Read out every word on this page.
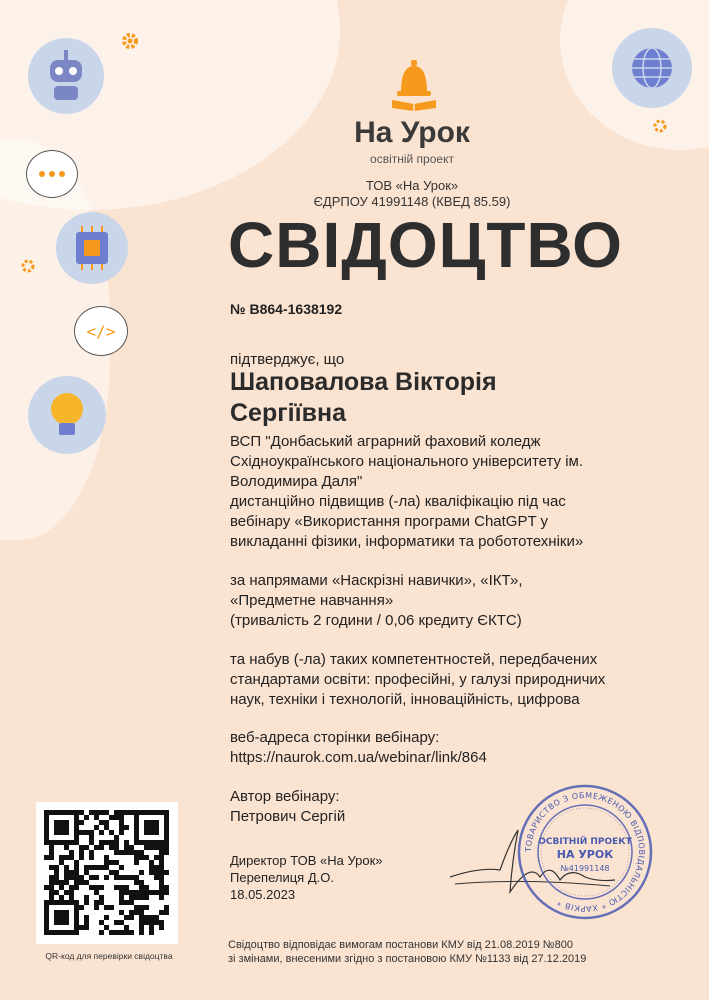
</>
На Урок
освітній проект
ТОВ «На Урок»
ЄДРПОУ 41991148 (КВЕД 85.59)
СВІДОЦТВО
№ B864-1638192
підтверджує, що
Шаповалова Вікторія
Сергіївна
ВСП "Донбаський аграрний фаховий коледж
Східноукраїнського національного університету ім.
Володимира Даля"
дистанційно підвищив (-ла) кваліфікацію під час
вебінару «Використання програми ChatGPT у
викладанні фізики, інформатики та робототехніки»
за напрямами «Наскрізні навички», «ІКТ»,
«Предметне навчання»
(тривалість 2 години / 0,06 кредиту ЄКТС)
та набув (-ла) таких компетентностей, передбачених
стандартами освіти: професійні, у галузі природничих
наук, техніки і технологій, інноваційність, цифрова
веб-адреса сторінки вебінару:
https://naurok.com.ua/webinar/link/864
Автор вебінару:
Петрович Сергій
Директор ТОВ «На Урок»
Перепелиця Д.О.
18.05.2023
Свідоцтво відповідає вимогам постанови КМУ від 21.08.2019 №800
зі змінами, внесеними згідно з постановою КМУ №1133 від 27.12.2019
QR-код для перевірки свідоцтва
ТОВАРИСТВО З ОБМЕЖЕНОЮ ВІДПОВІДАЛЬНІСТЮ * ХАРКІВ *
ОСВІТНІЙ ПРОЕКТ
НА УРОК
№41991148
